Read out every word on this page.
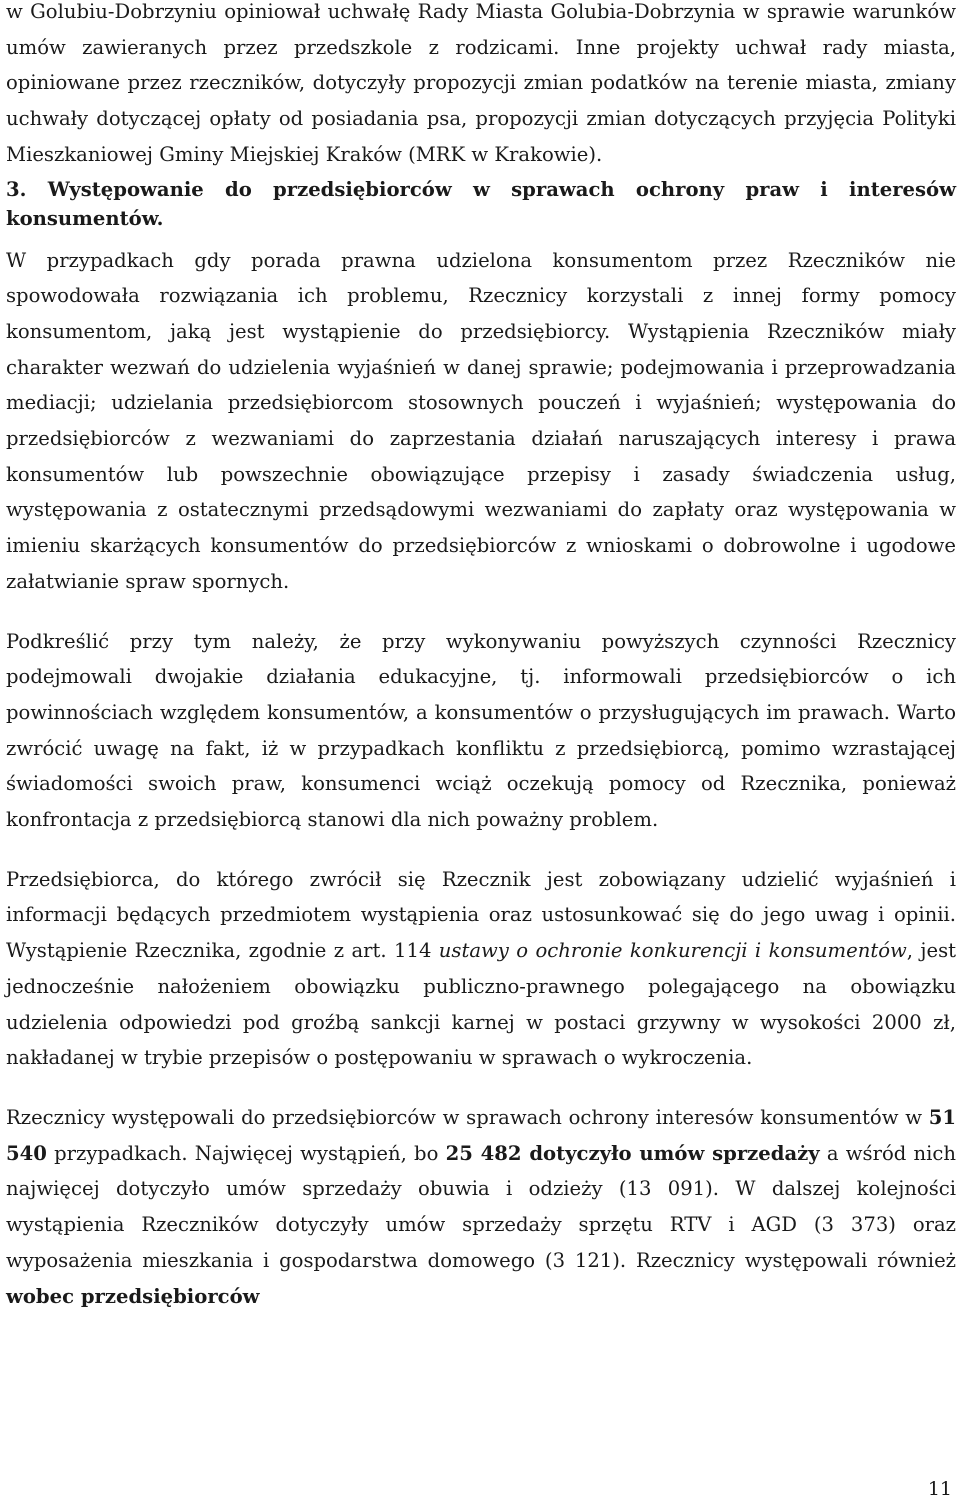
w Golubiu-Dobrzyniu opiniował uchwałę Rady Miasta Golubia-Dobrzynia w sprawie warunków umów zawieranych przez przedszkole z rodzicami. Inne projekty uchwał rady miasta, opiniowane przez rzeczników, dotyczyły propozycji zmian podatków na terenie miasta, zmiany uchwały dotyczącej opłaty od posiadania psa, propozycji zmian dotyczących przyjęcia Polityki Mieszkaniowej Gminy Miejskiej Kraków (MRK w Krakowie).

3. Występowanie do przedsiębiorców w sprawach ochrony praw i interesów konsumentów.

W przypadkach gdy porada prawna udzielona konsumentom przez Rzeczników nie spowodowała rozwiązania ich problemu, Rzecznicy korzystali z innej formy pomocy konsumentom, jaką jest wystąpienie do przedsiębiorcy. Wystąpienia Rzeczników miały charakter wezwań do udzielenia wyjaśnień w danej sprawie; podejmowania i przeprowadzania mediacji; udzielania przedsiębiorcom stosownych pouczeń i wyjaśnień; występowania do przedsiębiorców z wezwaniami do zaprzestania działań naruszających interesy i prawa konsumentów lub powszechnie obowiązujące przepisy i zasady świadczenia usług, występowania z ostatecznymi przedsądowymi wezwaniami do zapłaty oraz występowania w imieniu skarżących konsumentów do przedsiębiorców z wnioskami o dobrowolne i ugodowe załatwianie spraw spornych.

Podkreślić przy tym należy, że przy wykonywaniu powyższych czynności Rzecznicy podejmowali dwojakie działania edukacyjne, tj. informowali przedsiębiorców o ich powinnościach względem konsumentów, a konsumentów o przysługujących im prawach. Warto zwrócić uwagę na fakt, iż w przypadkach konfliktu z przedsiębiorcą, pomimo wzrastającej świadomości swoich praw, konsumenci wciąż oczekują pomocy od Rzecznika, ponieważ konfrontacja z przedsiębiorcą stanowi dla nich poważny problem.

Przedsiębiorca, do którego zwrócił się Rzecznik jest zobowiązany udzielić wyjaśnień i informacji będących przedmiotem wystąpienia oraz ustosunkować się do jego uwag i opinii. Wystąpienie Rzecznika, zgodnie z art. 114 ustawy o ochronie konkurencji i konsumentów, jest jednocześnie nałożeniem obowiązku publiczno-prawnego polegającego na obowiązku udzielenia odpowiedzi pod groźbą sankcji karnej w postaci grzywny w wysokości 2000 zł, nakładanej w trybie przepisów o postępowaniu w sprawach o wykroczenia.

Rzecznicy występowali do przedsiębiorców w sprawach ochrony interesów konsumentów w 51 540 przypadkach. Najwięcej wystąpień, bo 25 482 dotyczyło umów sprzedaży a wśród nich najwięcej dotyczyło umów sprzedaży obuwia i odzieży (13 091). W dalszej kolejności wystąpienia Rzeczników dotyczyły umów sprzedaży sprzętu RTV i AGD (3 373) oraz wyposażenia mieszkania i gospodarstwa domowego (3 121). Rzecznicy występowali również wobec przedsiębiorców

11
